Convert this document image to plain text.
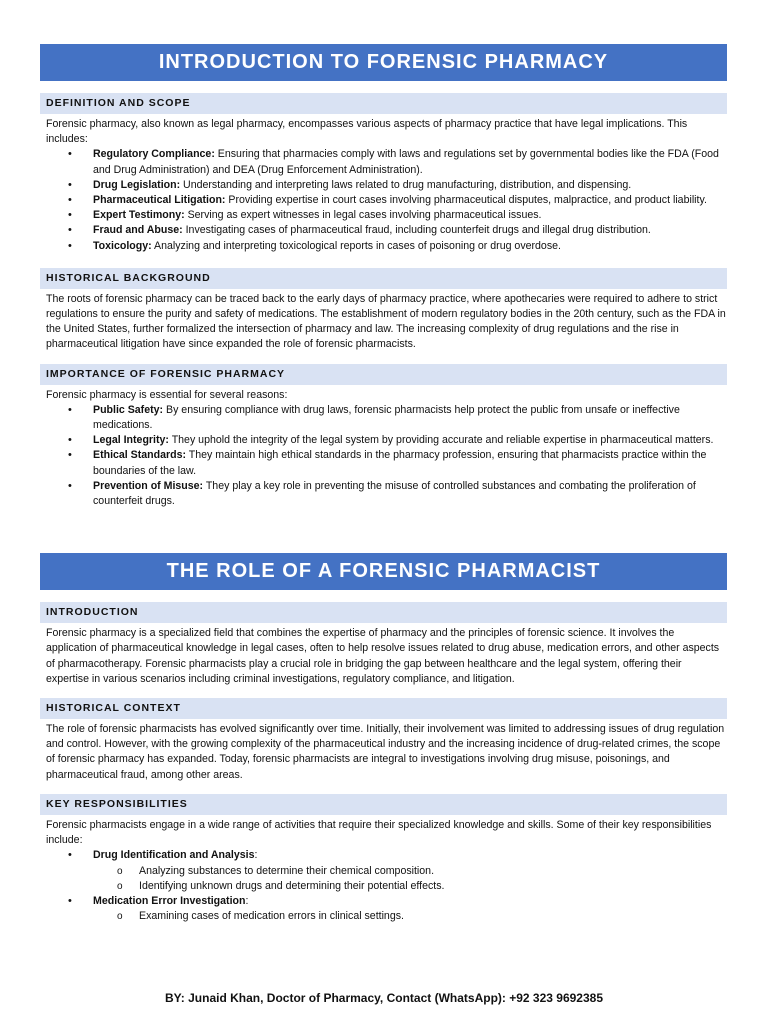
INTRODUCTION TO FORENSIC PHARMACY
DEFINITION AND SCOPE

Forensic pharmacy, also known as legal pharmacy, encompasses various aspects of pharmacy practice that have legal implications. This includes:

• Regulatory Compliance: Ensuring that pharmacies comply with laws and regulations set by governmental bodies like the FDA (Food and Drug Administration) and DEA (Drug Enforcement Administration).
• Drug Legislation: Understanding and interpreting laws related to drug manufacturing, distribution, and dispensing.
• Pharmaceutical Litigation: Providing expertise in court cases involving pharmaceutical disputes, malpractice, and product liability.
• Expert Testimony: Serving as expert witnesses in legal cases involving pharmaceutical issues.
• Fraud and Abuse: Investigating cases of pharmaceutical fraud, including counterfeit drugs and illegal drug distribution.
• Toxicology: Analyzing and interpreting toxicological reports in cases of poisoning or drug overdose.
HISTORICAL BACKGROUND

The roots of forensic pharmacy can be traced back to the early days of pharmacy practice, where apothecaries were required to adhere to strict regulations to ensure the purity and safety of medications. The establishment of modern regulatory bodies in the 20th century, such as the FDA in the United States, further formalized the intersection of pharmacy and law. The increasing complexity of drug regulations and the rise in pharmaceutical litigation have since expanded the role of forensic pharmacists.

IMPORTANCE OF FORENSIC PHARMACY

Forensic pharmacy is essential for several reasons:

• Public Safety: By ensuring compliance with drug laws, forensic pharmacists help protect the public from unsafe or ineffective medications.
• Legal Integrity: They uphold the integrity of the legal system by providing accurate and reliable expertise in pharmaceutical matters.
• Ethical Standards: They maintain high ethical standards in the pharmacy profession, ensuring that pharmacists practice within the boundaries of the law.
• Prevention of Misuse: They play a key role in preventing the misuse of controlled substances and combating the proliferation of counterfeit drugs.
THE ROLE OF A FORENSIC PHARMACIST
INTRODUCTION

Forensic pharmacy is a specialized field that combines the expertise of pharmacy and the principles of forensic science. It involves the application of pharmaceutical knowledge in legal cases, often to help resolve issues related to drug abuse, medication errors, and other aspects of pharmacotherapy. Forensic pharmacists play a crucial role in bridging the gap between healthcare and the legal system, offering their expertise in various scenarios including criminal investigations, regulatory compliance, and litigation.

HISTORICAL CONTEXT

The role of forensic pharmacists has evolved significantly over time. Initially, their involvement was limited to addressing issues of drug regulation and control. However, with the growing complexity of the pharmaceutical industry and the increasing incidence of drug-related crimes, the scope of forensic pharmacy has expanded. Today, forensic pharmacists are integral to investigations involving drug misuse, poisonings, and pharmaceutical fraud, among other areas.

KEY RESPONSIBILITIES

Forensic pharmacists engage in a wide range of activities that require their specialized knowledge and skills. Some of their key responsibilities include:

• Drug Identification and Analysis:
o Analyzing substances to determine their chemical composition.
o Identifying unknown drugs and determining their potential effects.
• Medication Error Investigation:
o Examining cases of medication errors in clinical settings.
BY: Junaid Khan, Doctor of Pharmacy, Contact (WhatsApp): +92 323 9692385
